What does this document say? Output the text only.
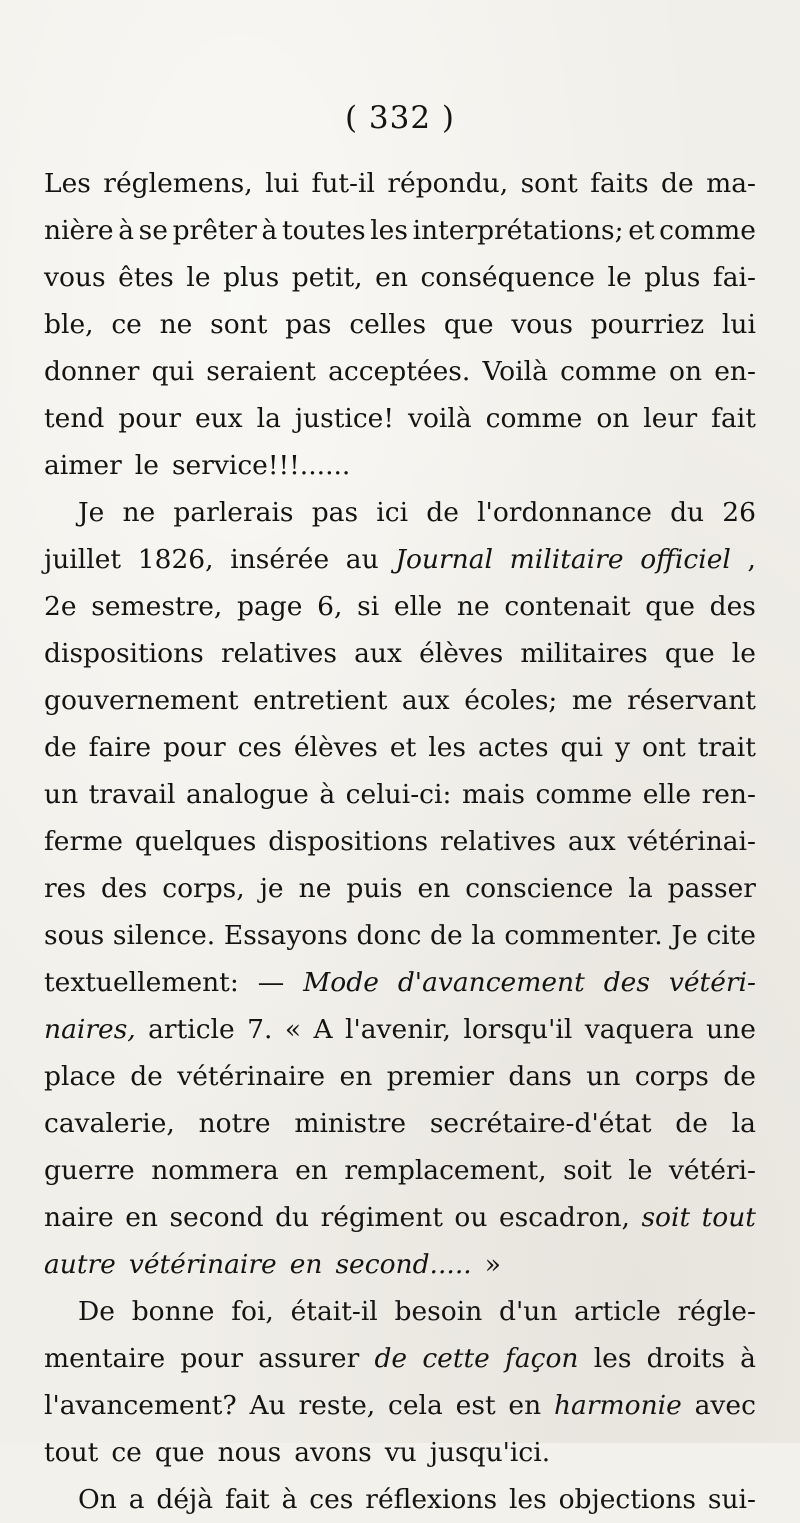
( 332 )
Les réglemens, lui fut-il répondu, sont faits de ma-
nière à se prêter à toutes les interprétations; et comme
vous êtes le plus petit, en conséquence le plus fai-
ble, ce ne sont pas celles que vous pourriez lui
donner qui seraient acceptées. Voilà comme on en-
tend pour eux la justice! voilà comme on leur fait
aimer le service!!!......
Je ne parlerais pas ici de l'ordonnance du 26
juillet 1826, insérée au Journal militaire officiel ,
2e semestre, page 6, si elle ne contenait que des
dispositions relatives aux élèves militaires que le
gouvernement entretient aux écoles; me réservant
de faire pour ces élèves et les actes qui y ont trait
un travail analogue à celui-ci: mais comme elle ren-
ferme quelques dispositions relatives aux vétérinai-
res des corps, je ne puis en conscience la passer
sous silence. Essayons donc de la commenter. Je cite
textuellement: — Mode d'avancement des vétéri-
naires, article 7. « A l'avenir, lorsqu'il vaquera une
place de vétérinaire en premier dans un corps de
cavalerie, notre ministre secrétaire-d'état de la
guerre nommera en remplacement, soit le vétéri-
naire en second du régiment ou escadron, soit tout
autre vétérinaire en second..... »
De bonne foi, était-il besoin d'un article régle-
mentaire pour assurer de cette façon les droits à
l'avancement? Au reste, cela est en harmonie avec
tout ce que nous avons vu jusqu'ici.
On a déjà fait à ces réflexions les objections sui-
